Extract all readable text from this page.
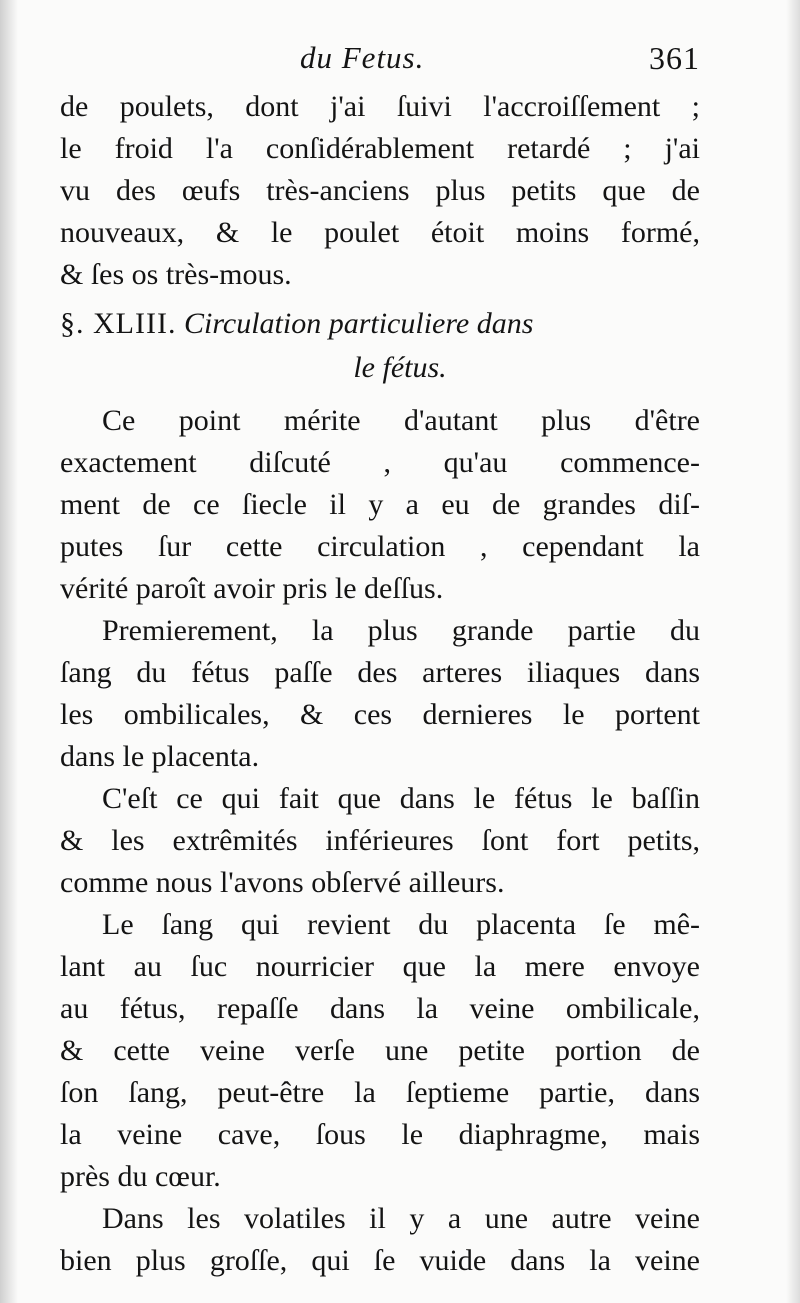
du Fetus.	361
de poulets, dont j'ai ſuivi l'accroiſſement ;
le froid l'a conſidérablement retardé ; j'ai
vu des œufs très-anciens plus petits que de
nouveaux, & le poulet étoit moins formé,
& ſes os très-mous.
§. XLIII. Circulation particuliere dans
le fétus.
Ce point mérite d'autant plus d'être
exactement diſcuté , qu'au commence-
ment de ce ſiecle il y a eu de grandes diſ-
putes ſur cette circulation , cependant la
vérité paroît avoir pris le deſſus.
Premierement, la plus grande partie du
ſang du fétus paſſe des arteres iliaques dans
les ombilicales, & ces dernieres le portent
dans le placenta.
C'eſt ce qui fait que dans le fétus le baſſin
& les extrêmités inférieures ſont fort petits,
comme nous l'avons obſervé ailleurs.
Le ſang qui revient du placenta ſe mê-
lant au ſuc nourricier que la mere envoye
au fétus, repaſſe dans la veine ombilicale,
& cette veine verſe une petite portion de
ſon ſang, peut-être la ſeptieme partie, dans
la veine cave, ſous le diaphragme, mais
près du cœur.
Dans les volatiles il y a une autre veine
bien plus groſſe, qui ſe vuide dans la veine
